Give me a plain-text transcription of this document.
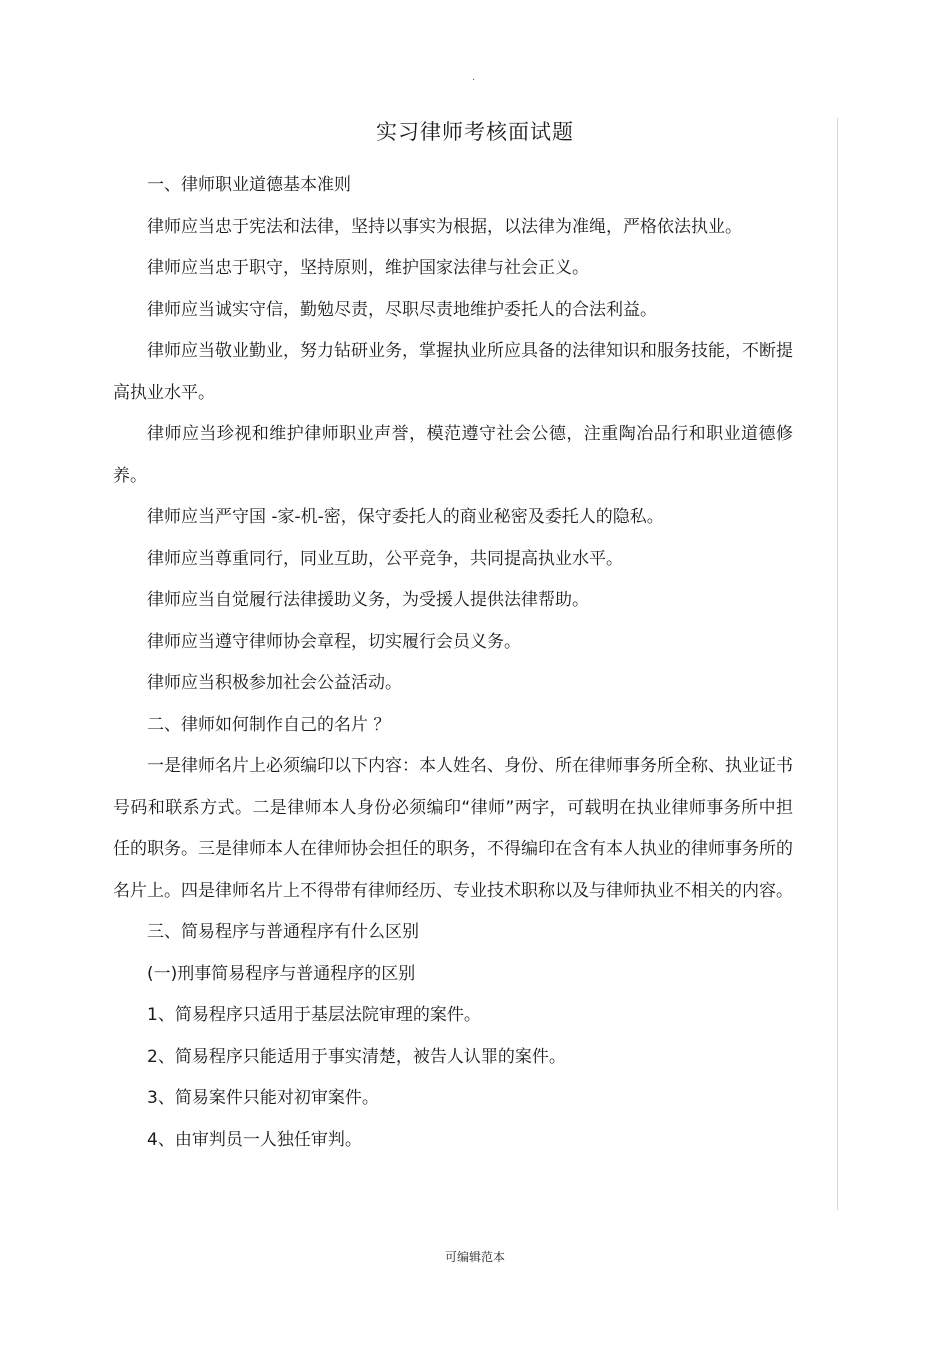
.
实习律师考核面试题

一、律师职业道德基本准则

律师应当忠于宪法和法律，坚持以事实为根据，以法律为准绳，严格依法执业。

律师应当忠于职守，坚持原则，维护国家法律与社会正义。

律师应当诚实守信，勤勉尽责，尽职尽责地维护委托人的合法利益。

律师应当敬业勤业，努力钻研业务，掌握执业所应具备的法律知识和服务技能，不断提高执业水平。

律师应当珍视和维护律师职业声誉，模范遵守社会公德，注重陶冶品行和职业道德修养。

律师应当严守国 -家-机-密，保守委托人的商业秘密及委托人的隐私。

律师应当尊重同行，同业互助，公平竞争，共同提高执业水平。

律师应当自觉履行法律援助义务，为受援人提供法律帮助。

律师应当遵守律师协会章程，切实履行会员义务。

律师应当积极参加社会公益活动。

二、律师如何制作自己的名片 ？

一是律师名片上必须编印以下内容：本人姓名、身份、所在律师事务所全称、执业证书号码和联系方式。二是律师本人身份必须编印“律师”两字，可载明在执业律师事务所中担任的职务。三是律师本人在律师协会担任的职务，不得编印在含有本人执业的律师事务所的名片上。四是律师名片上不得带有律师经历、专业技术职称以及与律师执业不相关的内容。

三、简易程序与普通程序有什么区别

(一)刑事简易程序与普通程序的区别

1、简易程序只适用于基层法院审理的案件。

2、简易程序只能适用于事实清楚，被告人认罪的案件。

3、简易案件只能对初审案件。

4、由审判员一人独任审判。

可编辑范本
